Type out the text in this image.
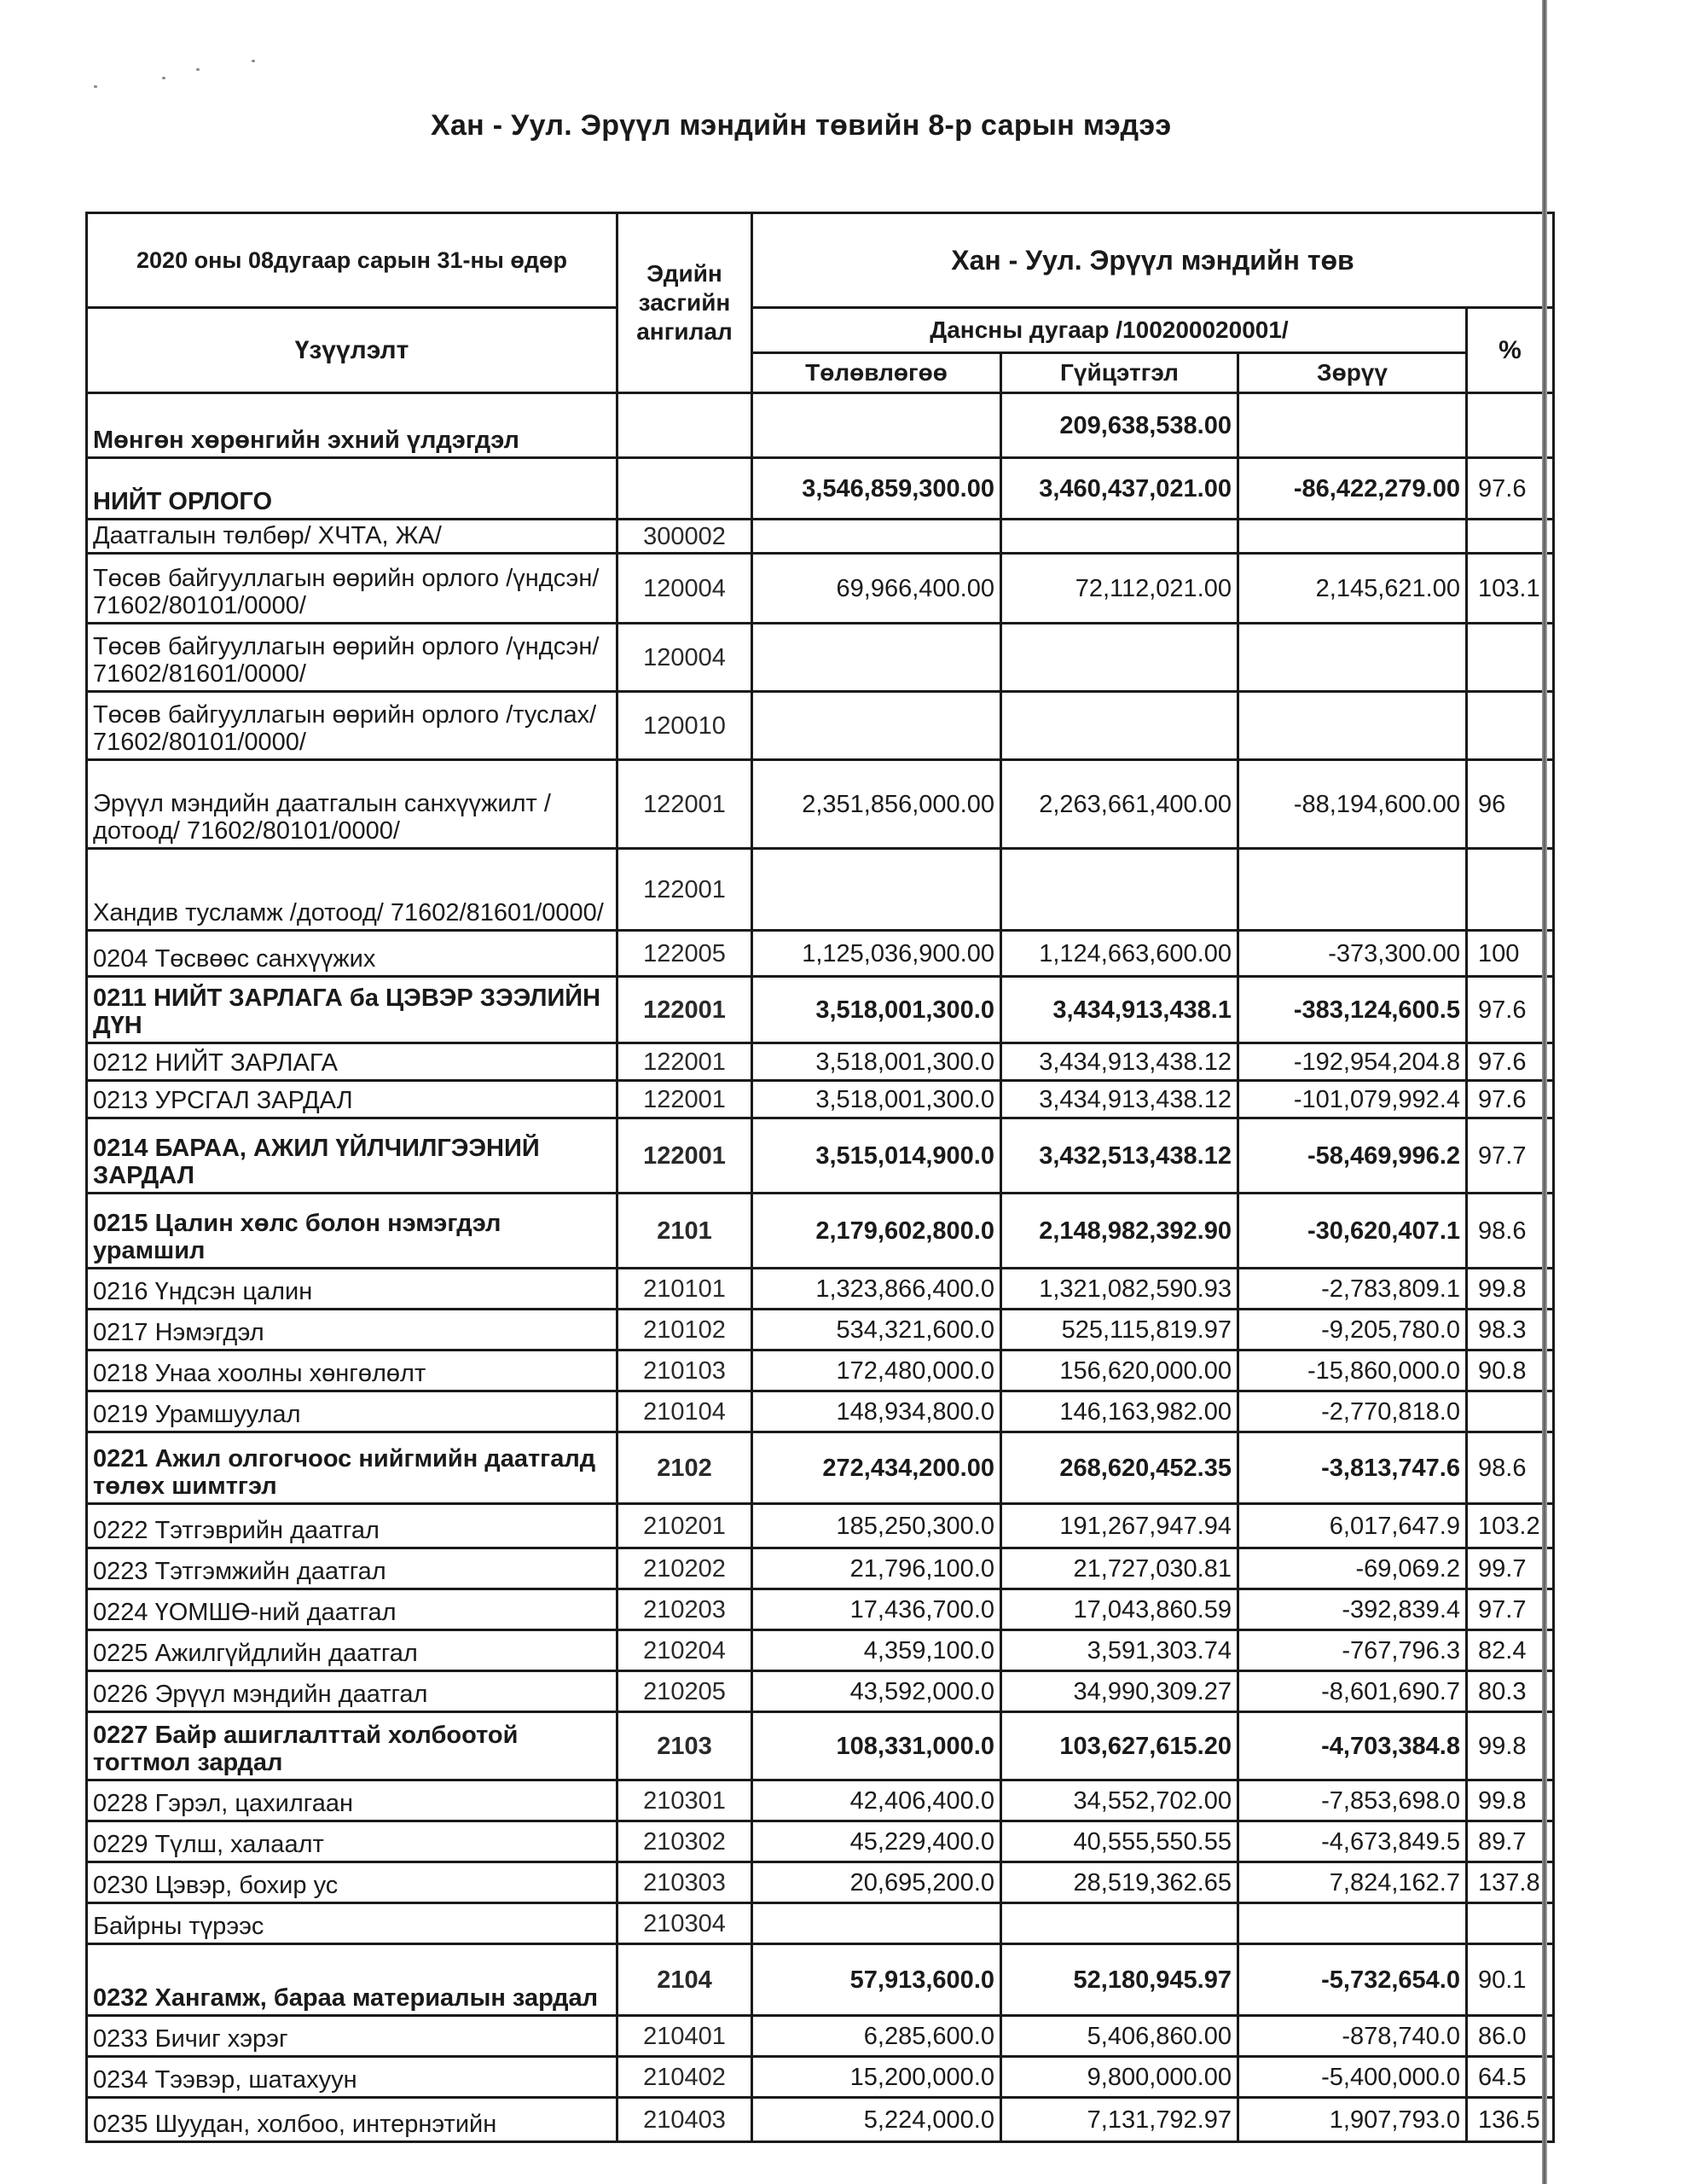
Хан - Уул. Эрүүл мэндийн төвийн 8-р сарын мэдээ
2020 оны 08дугаар сарын 31-ны өдөр	Эдийн засгийн ангилал	Хан - Уул. Эрүүл мэндийн төв			
Үзүүлэлт		Дансны дугаар /100200020001/			%
		Төлөвлөгөө	Гүйцэтгэл	Зөрүү	
Мөнгөн хөрөнгийн эхний үлдэгдэл			209,638,538.00		
НИЙТ ОРЛОГО		3,546,859,300.00	3,460,437,021.00	-86,422,279.00	97.6
Даатгалын төлбөр/ ХЧТА, ЖА/	300002				
Төсөв байгууллагын өөрийн орлого /үндсэн/ 71602/80101/0000/	120004	69,966,400.00	72,112,021.00	2,145,621.00	103.1
Төсөв байгууллагын өөрийн орлого /үндсэн/ 71602/81601/0000/	120004				
Төсөв байгууллагын өөрийн орлого /туслах/ 71602/80101/0000/	120010				
Эрүүл мэндийн даатгалын санхүүжилт /дотоод/ 71602/80101/0000/	122001	2,351,856,000.00	2,263,661,400.00	-88,194,600.00	96
Хандив тусламж /дотоод/ 71602/81601/0000/	122001				
0204 Төсвөөс санхүүжих	122005	1,125,036,900.00	1,124,663,600.00	-373,300.00	100
0211 НИЙТ ЗАРЛАГА ба ЦЭВЭР ЗЭЭЛИЙН ДҮН	122001	3,518,001,300.0	3,434,913,438.1	-383,124,600.5	97.6
0212 НИЙТ ЗАРЛАГА	122001	3,518,001,300.0	3,434,913,438.12	-192,954,204.8	97.6
0213 УРСГАЛ ЗАРДАЛ	122001	3,518,001,300.0	3,434,913,438.12	-101,079,992.4	97.6
0214 БАРАА, АЖИЛ ҮЙЛЧИЛГЭЭНИЙ ЗАРДАЛ	122001	3,515,014,900.0	3,432,513,438.12	-58,469,996.2	97.7
0215 Цалин хөлс болон нэмэгдэл урамшил	2101	2,179,602,800.0	2,148,982,392.90	-30,620,407.1	98.6
0216 Үндсэн цалин	210101	1,323,866,400.0	1,321,082,590.93	-2,783,809.1	99.8
0217 Нэмэгдэл	210102	534,321,600.0	525,115,819.97	-9,205,780.0	98.3
0218 Унаа хоолны хөнгөлөлт	210103	172,480,000.0	156,620,000.00	-15,860,000.0	90.8
0219 Урамшуулал	210104	148,934,800.0	146,163,982.00	-2,770,818.0	
0221 Ажил олгогчоос нийгмийн даатгалд төлөх шимтгэл	2102	272,434,200.00	268,620,452.35	-3,813,747.6	98.6
0222 Тэтгэврийн даатгал	210201	185,250,300.0	191,267,947.94	6,017,647.9	103.2
0223 Тэтгэмжийн даатгал	210202	21,796,100.0	21,727,030.81	-69,069.2	99.7
0224 ҮОМШӨ-ний даатгал	210203	17,436,700.0	17,043,860.59	-392,839.4	97.7
0225 Ажилгүйдлийн даатгал	210204	4,359,100.0	3,591,303.74	-767,796.3	82.4
0226 Эрүүл мэндийн даатгал	210205	43,592,000.0	34,990,309.27	-8,601,690.7	80.3
0227 Байр ашиглалттай холбоотой тогтмол зардал	2103	108,331,000.0	103,627,615.20	-4,703,384.8	99.8
0228 Гэрэл, цахилгаан	210301	42,406,400.0	34,552,702.00	-7,853,698.0	99.8
0229 Түлш, халаалт	210302	45,229,400.0	40,555,550.55	-4,673,849.5	89.7
0230 Цэвэр, бохир ус	210303	20,695,200.0	28,519,362.65	7,824,162.7	137.8
Байрны түрээс	210304				
0232 Хангамж, бараа материалын зардал	2104	57,913,600.0	52,180,945.97	-5,732,654.0	90.1
0233 Бичиг хэрэг	210401	6,285,600.0	5,406,860.00	-878,740.0	86.0
0234 Тээвэр, шатахуун	210402	15,200,000.0	9,800,000.00	-5,400,000.0	64.5
0235 Шуудан, холбоо, интернэтийн	210403	5,224,000.0	7,131,792.97	1,907,793.0	136.5
